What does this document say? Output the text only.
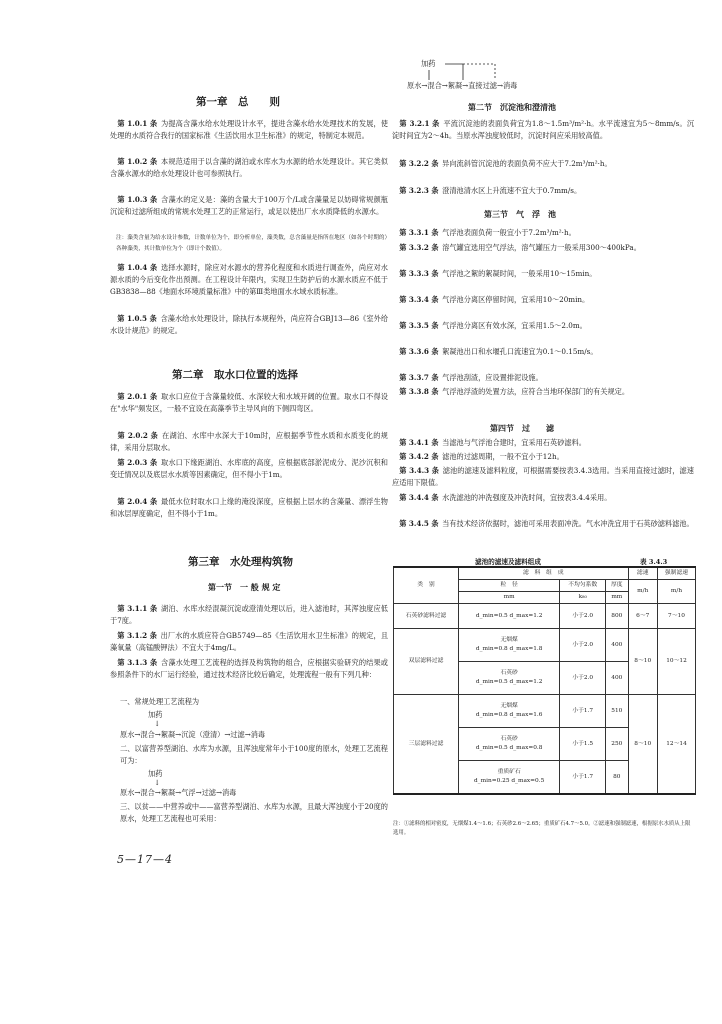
第一章　总　　则
 第 1.0.1 条  为提高含藻水给水处理设计水平，提进含藻水给水处理技术的发展，使处理的水质符合我行的国家标准《生活饮用水卫生标准》的规定，特制定本规范。
 第 1.0.2 条  本规范适用于以含藻的湖泊或水库水为水源的给水处理设计。其它类似含藻水源水的给水处理设计也可参照执行。
 第 1.0.3 条  含藻水的定义是：藻的含量大于100万个/L或含藻量足以妨碍常规颜瓶沉淀和过滤所组成的常规水处理工艺的正常运行，或足以使出厂水水质降低的水源水。
注：藻类含量为给水设计参数，计数单位为个，即分析单位，藻类数，总含藻量是指所在地区（如各个时期的）各种藻类，其计数单位为个（即计个数值）。
 第 1.0.4 条  选择水源时，除应对水源水的营养化程度和水质进行调查外，尚应对水源水质的今后变化作出预测。在工程设计年限内，实现卫生防护后的水源水质应不低于GB3838—88《地面水环境质量标准》中的第Ⅲ类地面水水域水质标准。
 第 1.0.5 条  含藻水给水处理设计，除执行本规程外，尚应符合GBJ13—86《室外给水设计规范》的规定。
第二章　取水口位置的选择
 第 2.0.1 条  取水口应位于含藻量较低、水深较大和水域开阔的位置。取水口不得设在"水华"频发区，一般不宜设在高藻季节主导风向的下侧四弯区。
 第 2.0.2 条  在湖泊、水库中水深大于10m时，应根据季节性水质和水质变化的规律，采用分层取水。
 第 2.0.3 条  取水口下缘距湖泊、水库底的高度，应根据底部淤泥成分、泥沙沉积和变迁情况以及底层水水质等因素确定，但不得小于1m。
 第 2.0.4 条  最低水位时取水口上缘的淹没深度，应根据上层水的含藻量、漂浮生物和冰层厚度确定，但不得小于1m。
第三章　水处理构筑物
第一节　一 般 规 定
 第 3.1.1 条  湖泊、水库水经混凝沉淀或澄清处理以后，进入滤池时，其浑浊度应低于7度。
 第 3.1.2 条  出厂水的水质应符合GB5749—85《生活饮用水卫生标准》的规定，且藻氧量（高锰酸钾法）不宜大于4mg/L。
 第 3.1.3 条  含藻水处理工艺流程的选择及构筑物的组合，应根据实验研究的结果或参照条件下的水厂运行经验，通过技术经济比较后确定，处理流程一般有下列几种：
一、常规处理工艺流程为
加药
↓
原水→混合→絮凝→沉淀（澄清）→过滤→消毒
二、以富营养型湖泊、水库为水源，且浑浊度常年小于100度的原水，处理工艺流程可为：
加药
↓
原水→混合→絮凝→气浮→过滤→消毒
三、以贫——中营养或中——富营养型湖泊、水库为水源，且最大浑浊度小于20度的原水，处理工艺流程也可采用：
5—17—4
加药
原水→混合→絮凝→直接过滤→消毒
第二节　沉淀池和澄清池
 第 3.2.1 条  平流沉淀池的表面负荷宜为1.8～1.5m³/m²·h。水平流速宜为5～8mm/s。沉淀时间宜为2～4h。当原水浑浊度较低时，沉淀时间应采用较高值。
 第 3.2.2 条  异向流斜管沉淀池的表面负荷不应大于7.2m³/m²·h。
 第 3.2.3 条  澄清池清水区上升流速不宜大于0.7mm/s。
第三节　气　浮　池
 第 3.3.1 条  气浮池表面负荷一般宜小于7.2m³/m²·h。
 第 3.3.2 条  溶气罐宜选用空气浮法，溶气罐压力一般采用300～400kPa。
 第 3.3.3 条  气浮池之絮的絮凝时间，一般采用10～15min。
 第 3.3.4 条  气浮池分离区停留时间，宜采用10～20min。
 第 3.3.5 条  气浮池分离区有效水深，宜采用1.5～2.0m。
 第 3.3.6 条  絮凝池出口和水堰孔口流速宜为0.1～0.15m/s。
 第 3.3.7 条  气浮池刮渣，应设置排泥设施。
 第 3.3.8 条  气浮池浮渣的处置方法，应符合当地环保部门的有关规定。
第四节　过　　滤
 第 3.4.1 条  当滤池与气浮池合建时，宜采用石英砂滤料。
 第 3.4.2 条  滤池的过滤周期，一般不宜小于12h。
 第 3.4.3 条  滤池的滤速及滤料粒度，可根据需要按表3.4.3选用。当采用直接过滤时，滤速应适用下限值。
 第 3.4.4 条  水洗滤池的冲洗强度及冲洗时间，宜按表3.4.4采用。
 第 3.4.5 条  当有技术经济依据时，滤池可采用表面冲洗。气水冲洗宜用于石英砂滤料滤池。
滤池的滤速及滤料组成	表 3.4.3
类　别	滤　料　组　成			滤速	强制滤速
	粒　径	不均匀系数	厚度	m/h	m/h
	mm	k₈₀	mm		
石英砂滤料过滤	d_min=0.5 d_max=1.2	小于2.0	800	6～7	7～10
双层滤料过滤	无烟煤
d_min=0.8 d_max=1.8	小于2.0	400	8～10	10～12
	石英砂
d_min=0.5 d_max=1.2	小于2.0	400		
三层滤料过滤	无烟煤
d_min=0.8 d_max=1.6	小于1.7	510	8～10	12～14
	石英砂
d_min=0.5 d_max=0.8	小于1.5	250		
	重质矿石
d_min=0.25 d_max=0.5	小于1.7	80		
注：①滤料的相对密度，无烟煤1.4～1.6；石英砂2.6～2.65；重质矿石4.7～5.0。②滤速和强制滤速，根据原水水质从上限选用。
